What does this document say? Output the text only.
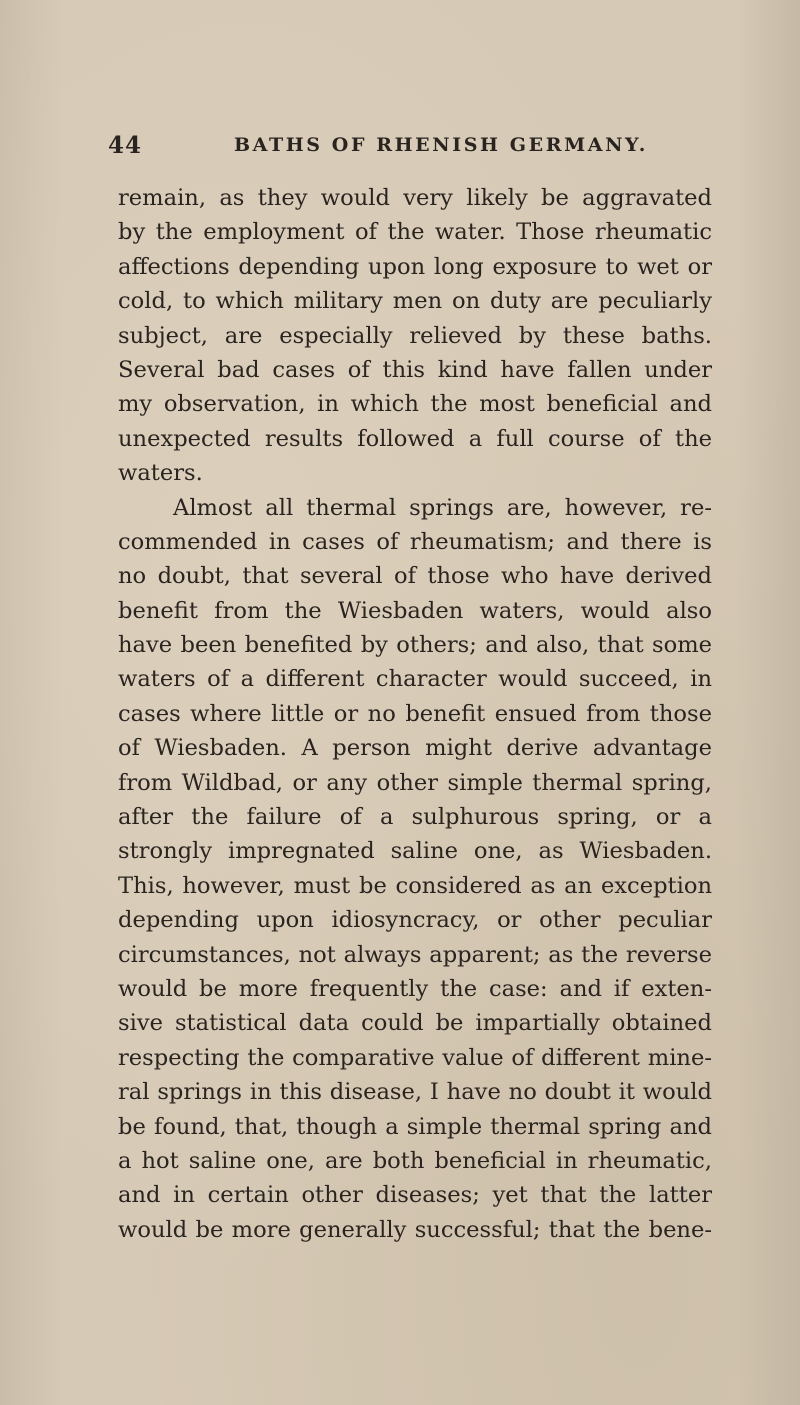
44	BATHS OF RHENISH GERMANY.
remain, as they would very likely be aggravated
by the employment of the water. Those rheumatic
affections depending upon long exposure to wet or
cold, to which military men on duty are peculiarly
subject, are especially relieved by these baths.
Several bad cases of this kind have fallen under
my observation, in which the most beneficial and
unexpected results followed a full course of the
waters.
Almost all thermal springs are, however, re-
commended in cases of rheumatism; and there is
no doubt, that several of those who have derived
benefit from the Wiesbaden waters, would also
have been benefited by others; and also, that some
waters of a different character would succeed, in
cases where little or no benefit ensued from those
of Wiesbaden. A person might derive advantage
from Wildbad, or any other simple thermal spring,
after the failure of a sulphurous spring, or a
strongly impregnated saline one, as Wiesbaden.
This, however, must be considered as an exception
depending upon idiosyncracy, or other peculiar
circumstances, not always apparent; as the reverse
would be more frequently the case: and if exten-
sive statistical data could be impartially obtained
respecting the comparative value of different mine-
ral springs in this disease, I have no doubt it would
be found, that, though a simple thermal spring and
a hot saline one, are both beneficial in rheumatic,
and in certain other diseases; yet that the latter
would be more generally successful; that the bene-
